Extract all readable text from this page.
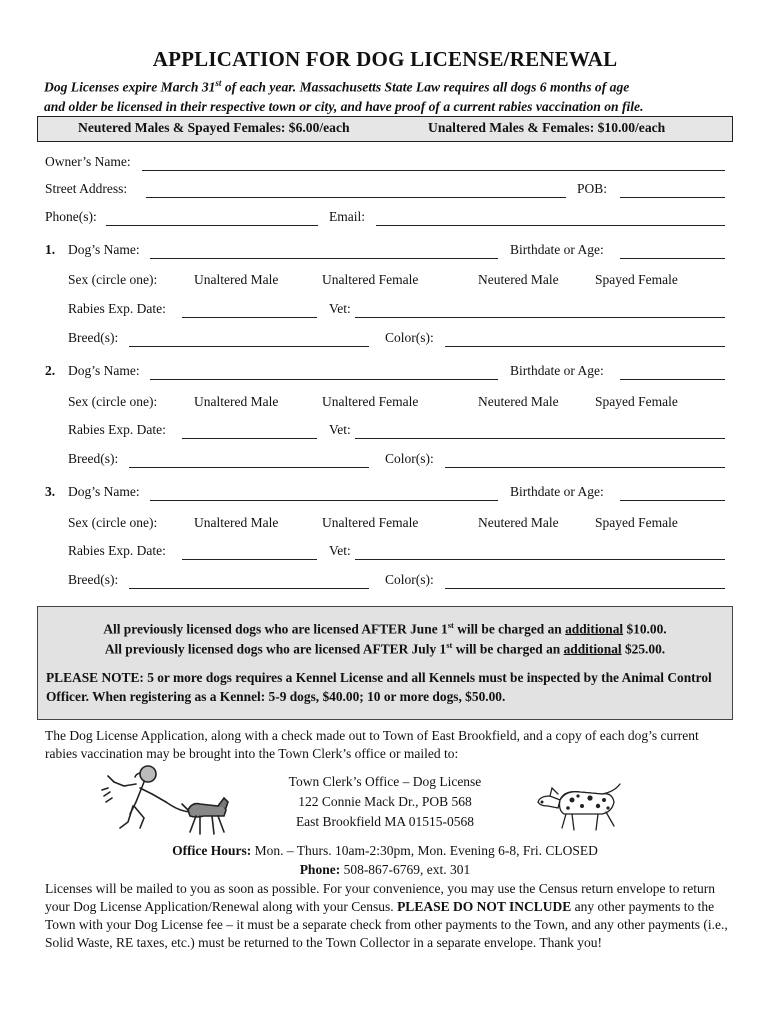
APPLICATION FOR DOG LICENSE/RENEWAL
Dog Licenses expire March 31st of each year. Massachusetts State Law requires all dogs 6 months of age
and older be licensed in their respective town or city, and have proof of a current rabies vaccination on file.
Neutered Males & Spayed Females: $6.00/each	Unaltered Males & Females: $10.00/each
Owner’s Name:
Street Address:	POB:
Phone(s):	Email:
1. Dog’s Name:	Birthdate or Age:
Sex (circle one):	Unaltered Male	Unaltered Female	Neutered Male	Spayed Female
Rabies Exp. Date:	Vet:
Breed(s):	Color(s):
2. Dog’s Name:	Birthdate or Age:
Sex (circle one):	Unaltered Male	Unaltered Female	Neutered Male	Spayed Female
Rabies Exp. Date:	Vet:
Breed(s):	Color(s):
3. Dog’s Name:	Birthdate or Age:
Sex (circle one):	Unaltered Male	Unaltered Female	Neutered Male	Spayed Female
Rabies Exp. Date:	Vet:
Breed(s):	Color(s):
All previously licensed dogs who are licensed AFTER June 1st will be charged an additional $10.00.
All previously licensed dogs who are licensed AFTER July 1st will be charged an additional $25.00.
PLEASE NOTE: 5 or more dogs requires a Kennel License and all Kennels must be inspected by the Animal Control Officer. When registering as a Kennel: 5-9 dogs, $40.00; 10 or more dogs, $50.00.
The Dog License Application, along with a check made out to Town of East Brookfield, and a copy of each dog’s current rabies vaccination may be brought into the Town Clerk’s office or mailed to:
Town Clerk’s Office – Dog License
122 Connie Mack Dr., POB 568
East Brookfield MA 01515-0568
Office Hours: Mon. – Thurs. 10am-2:30pm, Mon. Evening 6-8, Fri. CLOSED
Phone: 508-867-6769, ext. 301
Licenses will be mailed to you as soon as possible. For your convenience, you may use the Census return envelope to return your Dog License Application/Renewal along with your Census. PLEASE DO NOT INCLUDE any other payments to the Town with your Dog License fee – it must be a separate check from other payments to the Town, and any other payments (i.e., Solid Waste, RE taxes, etc.) must be returned to the Town Collector in a separate envelope. Thank you!
